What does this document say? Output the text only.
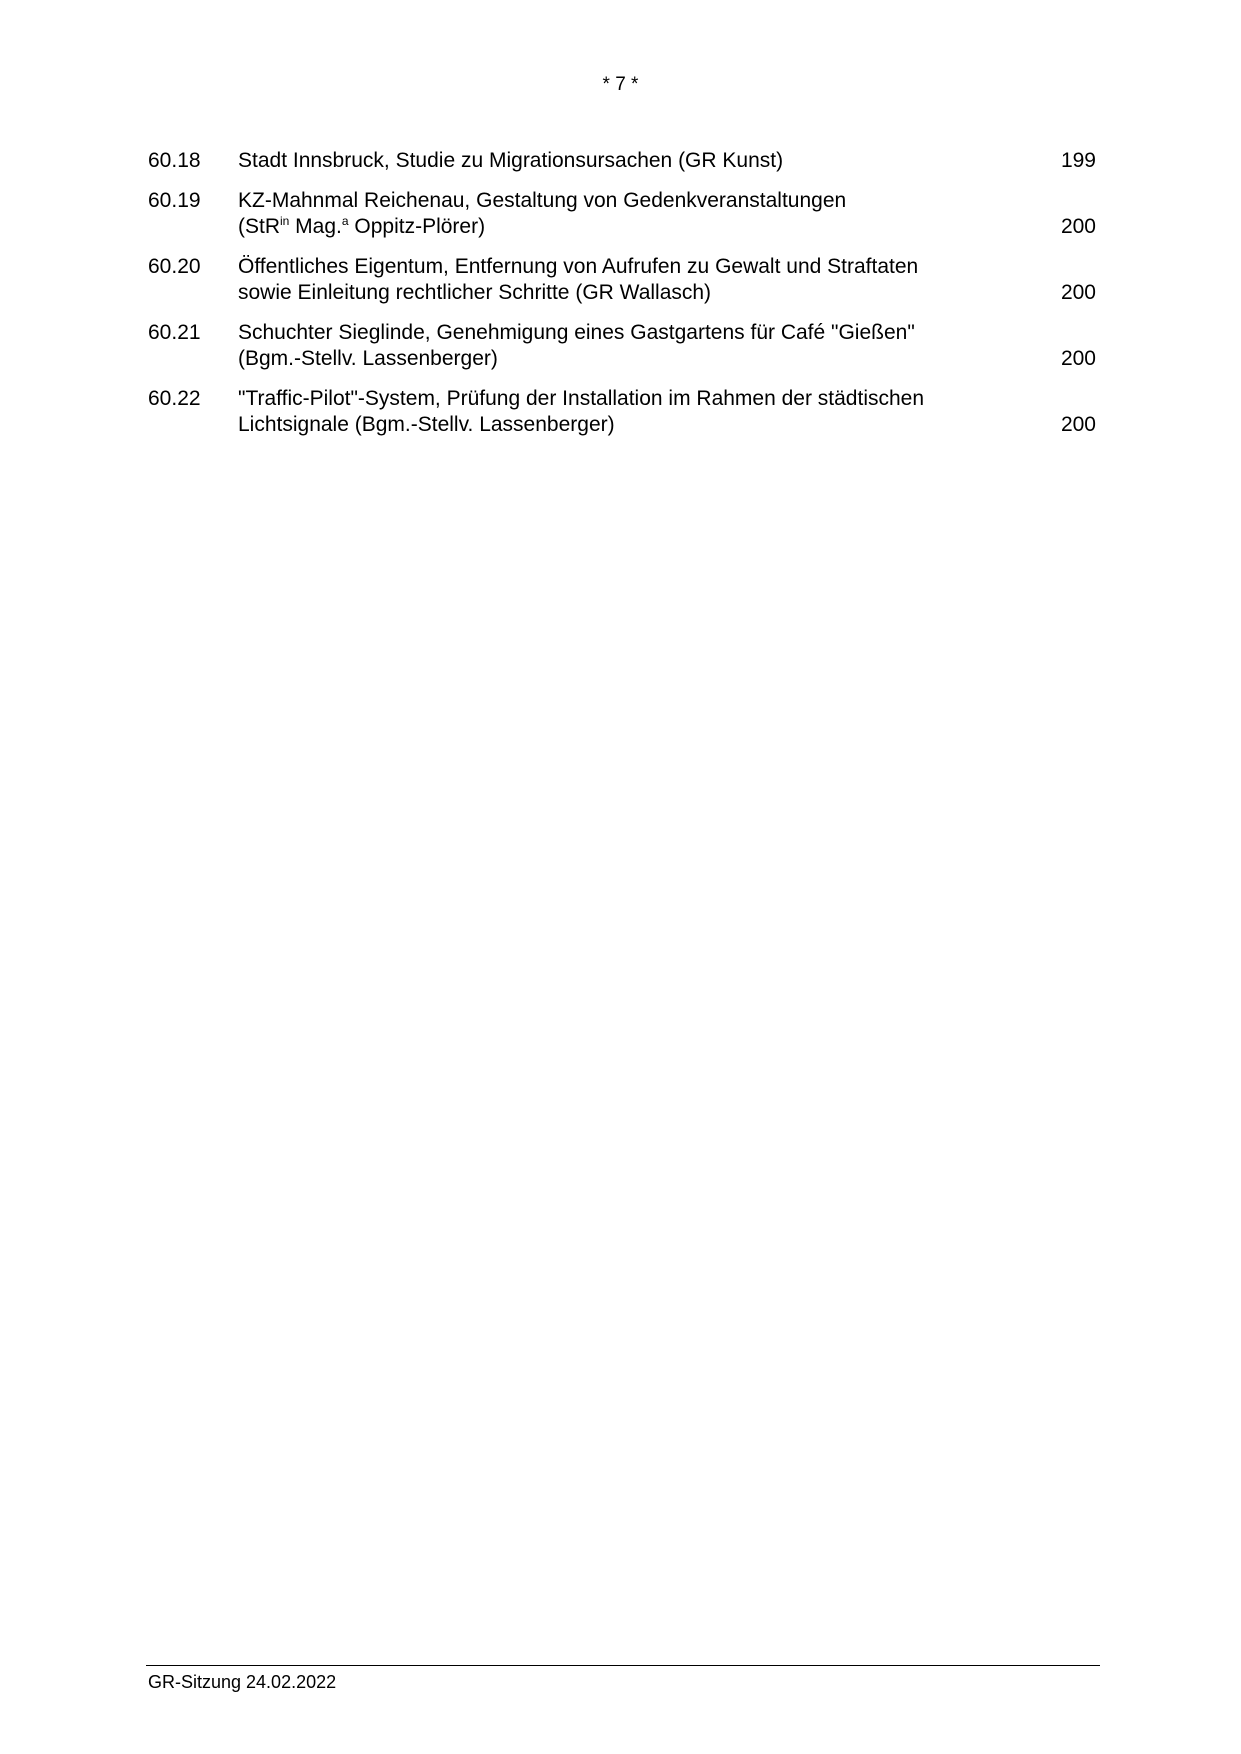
* 7 *
60.18	Stadt Innsbruck, Studie zu Migrationsursachen (GR Kunst)	199
60.19	KZ-Mahnmal Reichenau, Gestaltung von Gedenkveranstaltungen
(StR$^{in}$ Mag.$^a$ Oppitz-Plörer)	200
60.20	Öffentliches Eigentum, Entfernung von Aufrufen zu Gewalt und Straftaten
sowie Einleitung rechtlicher Schritte (GR Wallasch)	200
60.21	Schuchter Sieglinde, Genehmigung eines Gastgartens für Café "Gießen"
(Bgm.-Stellv. Lassenberger)	200
60.22	"Traffic-Pilot"-System, Prüfung der Installation im Rahmen der städtischen
Lichtsignale (Bgm.-Stellv. Lassenberger)	200
GR-Sitzung 24.02.2022
